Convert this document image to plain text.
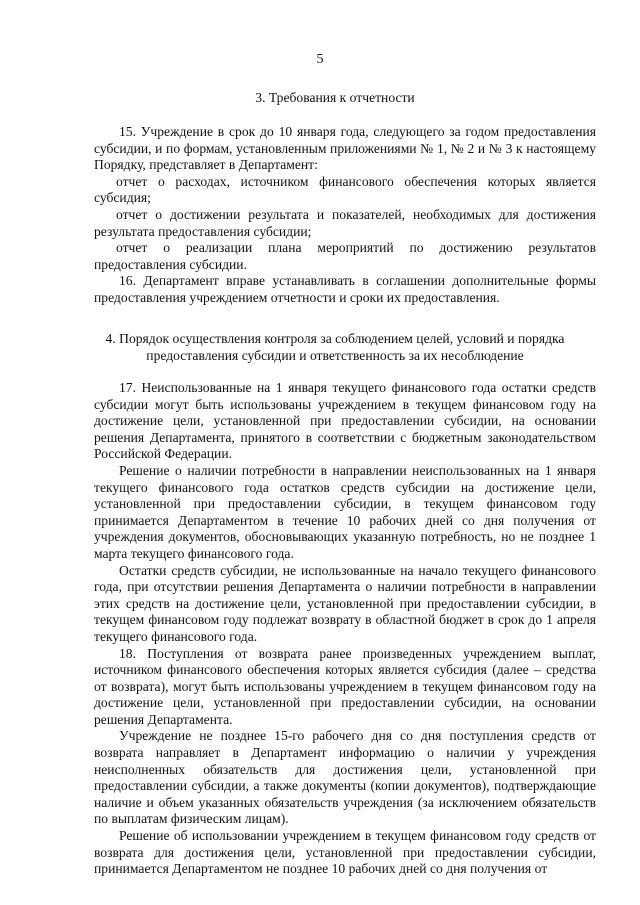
5
3. Требования к отчетности

15. Учреждение в срок до 10 января года, следующего за годом предоставления субсидии, и по формам, установленным приложениями № 1, № 2 и № 3 к настоящему Порядку, представляет в Департамент:

отчет о расходах, источником финансового обеспечения которых является субсидия;

отчет о достижении результата и показателей, необходимых для достижения результата предоставления субсидии;

отчет о реализации плана мероприятий по достижению результатов предоставления субсидии.

16. Департамент вправе устанавливать в соглашении дополнительные формы предоставления учреждением отчетности и сроки их предоставления.

4. Порядок осуществления контроля за соблюдением целей, условий и порядка
предоставления субсидии и ответственность за их несоблюдение

17. Неиспользованные на 1 января текущего финансового года остатки средств субсидии могут быть использованы учреждением в текущем финансовом году на достижение цели, установленной при предоставлении субсидии, на основании решения Департамента, принятого в соответствии с бюджетным законодательством Российской Федерации.

Решение о наличии потребности в направлении неиспользованных на 1 января текущего финансового года остатков средств субсидии на достижение цели, установленной при предоставлении субсидии, в текущем финансовом году принимается Департаментом в течение 10 рабочих дней со дня получения от учреждения документов, обосновывающих указанную потребность, но не позднее 1 марта текущего финансового года.

Остатки средств субсидии, не использованные на начало текущего финансового года, при отсутствии решения Департамента о наличии потребности в направлении этих средств на достижение цели, установленной при предоставлении субсидии, в текущем финансовом году подлежат возврату в областной бюджет в срок до 1 апреля текущего финансового года.

18. Поступления от возврата ранее произведенных учреждением выплат, источником финансового обеспечения которых является субсидия (далее – средства от возврата), могут быть использованы учреждением в текущем финансовом году на достижение цели, установленной при предоставлении субсидии, на основании решения Департамента.

Учреждение не позднее 15-го рабочего дня со дня поступления средств от возврата направляет в Департамент информацию о наличии у учреждения неисполненных обязательств для достижения цели, установленной при предоставлении субсидии, а также документы (копии документов), подтверждающие наличие и объем указанных обязательств учреждения (за исключением обязательств по выплатам физическим лицам).

Решение об использовании учреждением в текущем финансовом году средств от возврата для достижения цели, установленной при предоставлении субсидии, принимается Департаментом не позднее 10 рабочих дней со дня получения от
